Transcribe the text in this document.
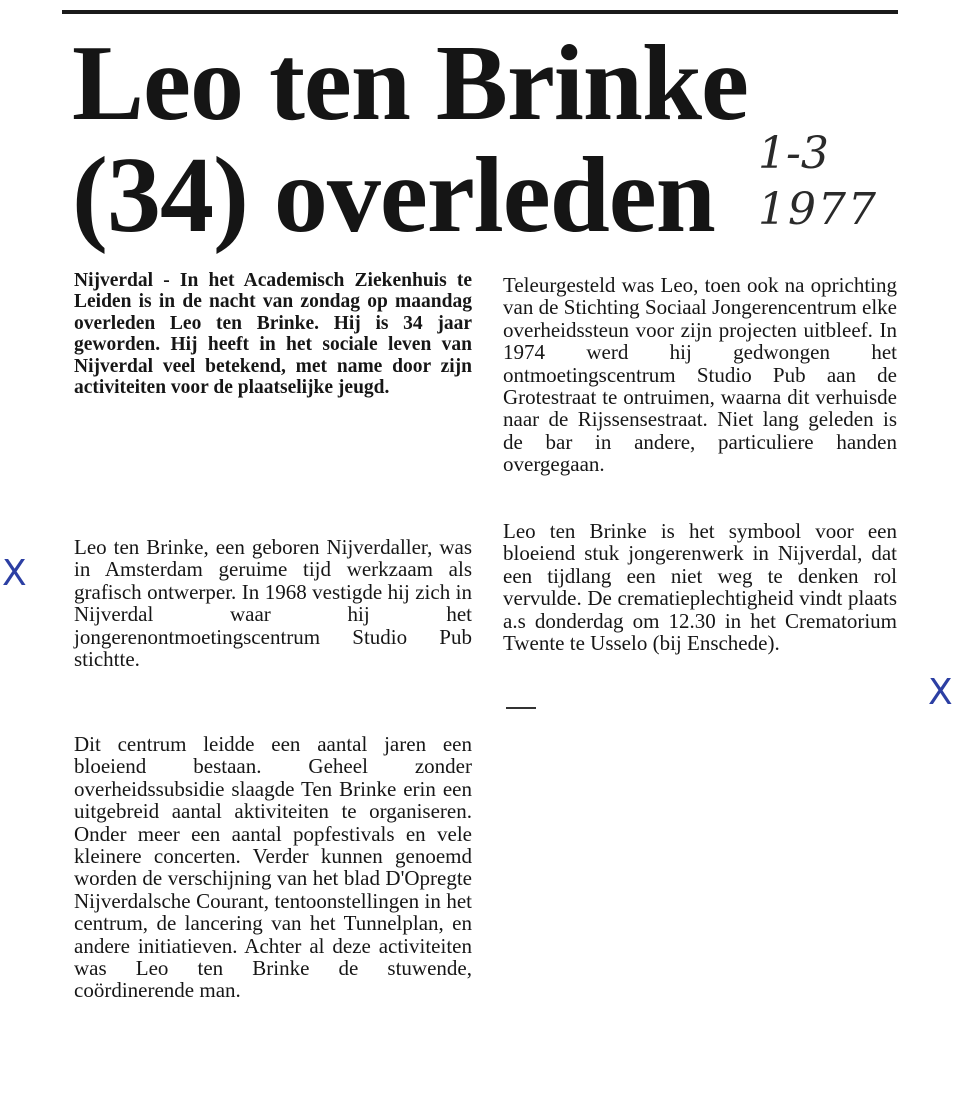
Leo ten Brinke
(34) overleden 1-3
1977

Nijverdal - In het Academisch Ziekenhuis te Leiden is in de nacht van zondag op maandag overleden Leo ten Brinke. Hij is 34 jaar geworden. Hij heeft in het sociale leven van Nijverdal veel betekend, met name door zijn activiteiten voor de plaatselijke jeugd.

Leo ten Brinke, een geboren Nijverdaller, was in Amsterdam geruime tijd werkzaam als grafisch ontwerper. In 1968 vestigde hij zich in Nijverdal waar hij het jongerenontmoetingscentrum Studio Pub stichtte.

Dit centrum leidde een aantal jaren een bloeiend bestaan. Geheel zonder overheidssubsidie slaagde Ten Brinke erin een uitgebreid aantal aktiviteiten te organiseren. Onder meer een aantal popfestivals en vele kleinere concerten. Verder kunnen genoemd worden de verschijning van het blad D'Opregte Nijverdalsche Courant, tentoonstellingen in het centrum, de lancering van het Tunnelplan, en andere initiatieven. Achter al deze activiteiten was Leo ten Brinke de stuwende, coördinerende man.

Teleurgesteld was Leo, toen ook na oprichting van de Stichting Sociaal Jongerencentrum elke overheidssteun voor zijn projecten uitbleef. In 1974 werd hij gedwongen het ontmoetingscentrum Studio Pub aan de Grotestraat te ontruimen, waarna dit verhuisde naar de Rijssensestraat. Niet lang geleden is de bar in andere, particuliere handen overgegaan.

Leo ten Brinke is het symbool voor een bloeiend stuk jongerenwerk in Nijverdal, dat een tijdlang een niet weg te denken rol vervulde. De crematieplechtigheid vindt plaats a.s donderdag om 12.30 in het Crematorium Twente te Usselo (bij Enschede).

X
X
